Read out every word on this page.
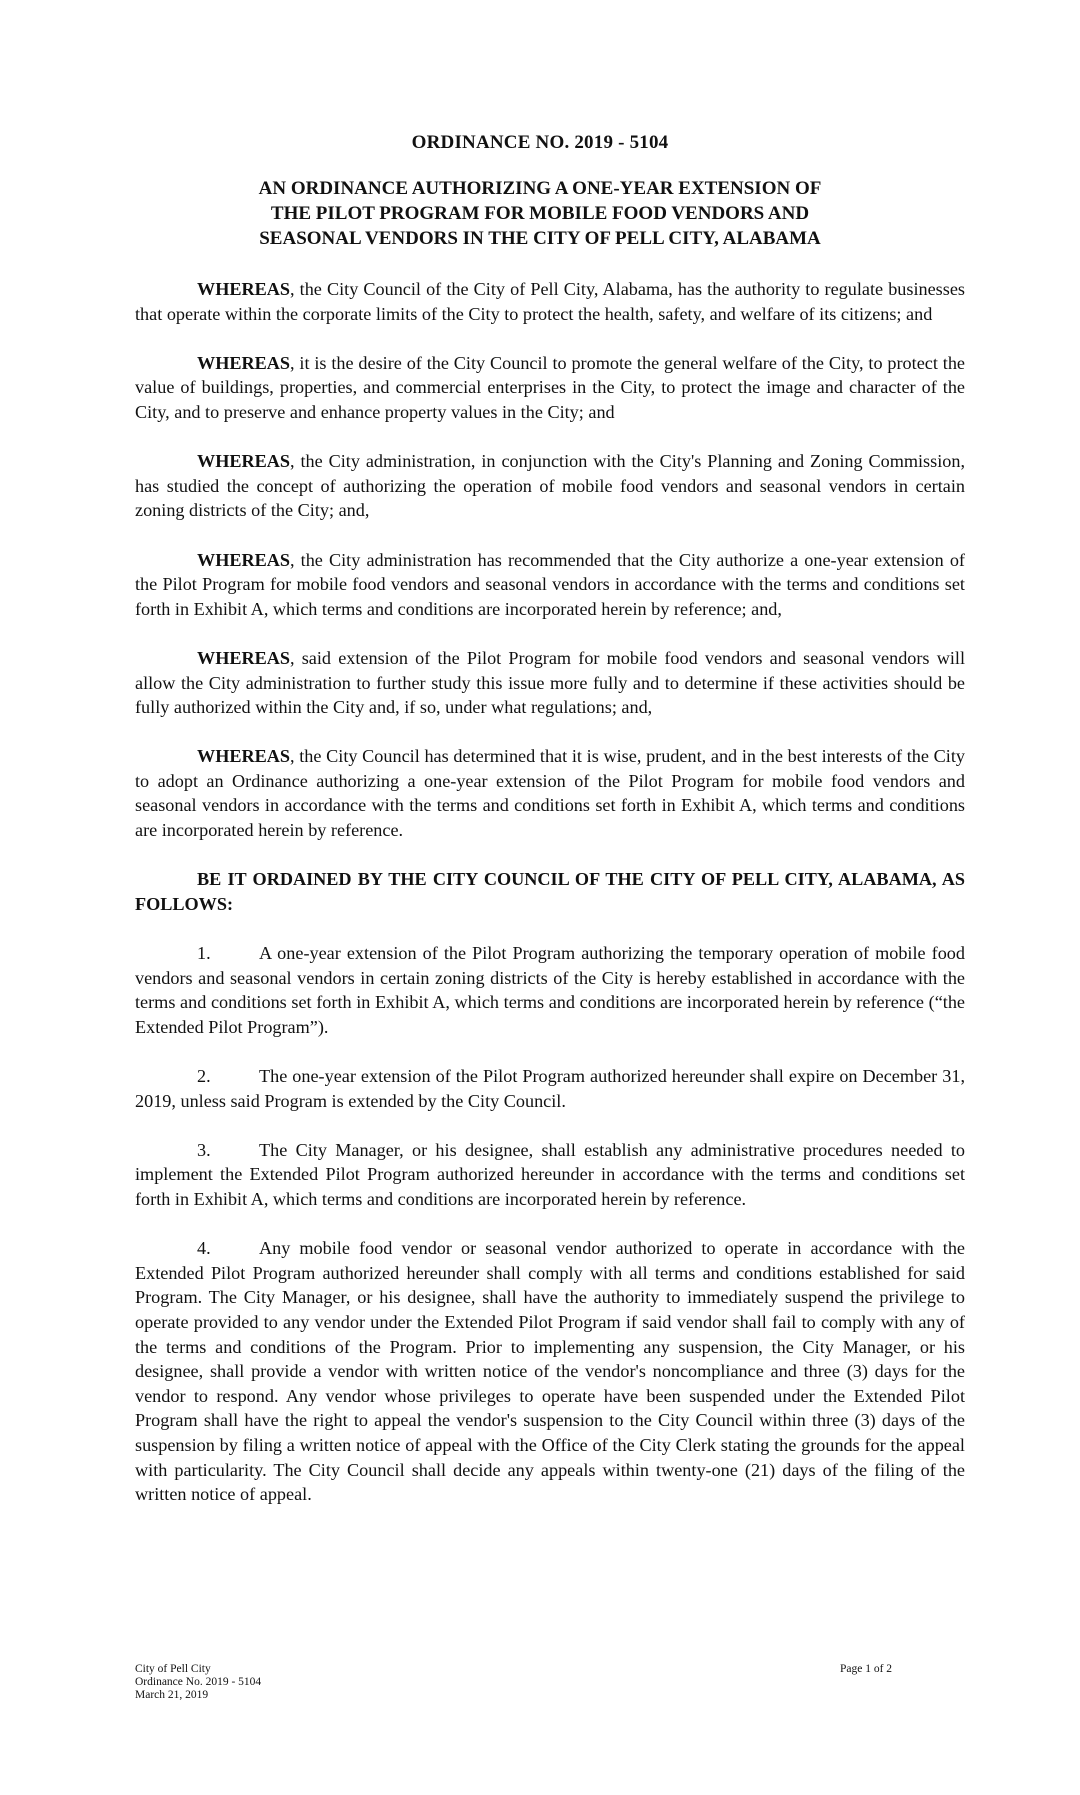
ORDINANCE NO. 2019 - 5104
AN ORDINANCE AUTHORIZING A ONE-YEAR EXTENSION OF
THE PILOT PROGRAM FOR MOBILE FOOD VENDORS AND
SEASONAL VENDORS IN THE CITY OF PELL CITY, ALABAMA

WHEREAS, the City Council of the City of Pell City, Alabama, has the authority to regulate businesses that operate within the corporate limits of the City to protect the health, safety, and welfare of its citizens; and

WHEREAS, it is the desire of the City Council to promote the general welfare of the City, to protect the value of buildings, properties, and commercial enterprises in the City, to protect the image and character of the City, and to preserve and enhance property values in the City; and

WHEREAS, the City administration, in conjunction with the City's Planning and Zoning Commission, has studied the concept of authorizing the operation of mobile food vendors and seasonal vendors in certain zoning districts of the City; and,

WHEREAS, the City administration has recommended that the City authorize a one-year extension of the Pilot Program for mobile food vendors and seasonal vendors in accordance with the terms and conditions set forth in Exhibit A, which terms and conditions are incorporated herein by reference; and,

WHEREAS, said extension of the Pilot Program for mobile food vendors and seasonal vendors will allow the City administration to further study this issue more fully and to determine if these activities should be fully authorized within the City and, if so, under what regulations; and,

WHEREAS, the City Council has determined that it is wise, prudent, and in the best interests of the City to adopt an Ordinance authorizing a one-year extension of the Pilot Program for mobile food vendors and seasonal vendors in accordance with the terms and conditions set forth in Exhibit A, which terms and conditions are incorporated herein by reference.

BE IT ORDAINED BY THE CITY COUNCIL OF THE CITY OF PELL CITY, ALABAMA, AS FOLLOWS:

1.	A one-year extension of the Pilot Program authorizing the temporary operation of mobile food vendors and seasonal vendors in certain zoning districts of the City is hereby established in accordance with the terms and conditions set forth in Exhibit A, which terms and conditions are incorporated herein by reference (“the Extended Pilot Program”).

2.	The one-year extension of the Pilot Program authorized hereunder shall expire on December 31, 2019, unless said Program is extended by the City Council.

3.	The City Manager, or his designee, shall establish any administrative procedures needed to implement the Extended Pilot Program authorized hereunder in accordance with the terms and conditions set forth in Exhibit A, which terms and conditions are incorporated herein by reference.

4.	Any mobile food vendor or seasonal vendor authorized to operate in accordance with the Extended Pilot Program authorized hereunder shall comply with all terms and conditions established for said Program. The City Manager, or his designee, shall have the authority to immediately suspend the privilege to operate provided to any vendor under the Extended Pilot Program if said vendor shall fail to comply with any of the terms and conditions of the Program. Prior to implementing any suspension, the City Manager, or his designee, shall provide a vendor with written notice of the vendor's noncompliance and three (3) days for the vendor to respond. Any vendor whose privileges to operate have been suspended under the Extended Pilot Program shall have the right to appeal the vendor's suspension to the City Council within three (3) days of the suspension by filing a written notice of appeal with the Office of the City Clerk stating the grounds for the appeal with particularity. The City Council shall decide any appeals within twenty-one (21) days of the filing of the written notice of appeal.

City of Pell City
Ordinance No. 2019 - 5104
March 21, 2019
Page 1 of 2
